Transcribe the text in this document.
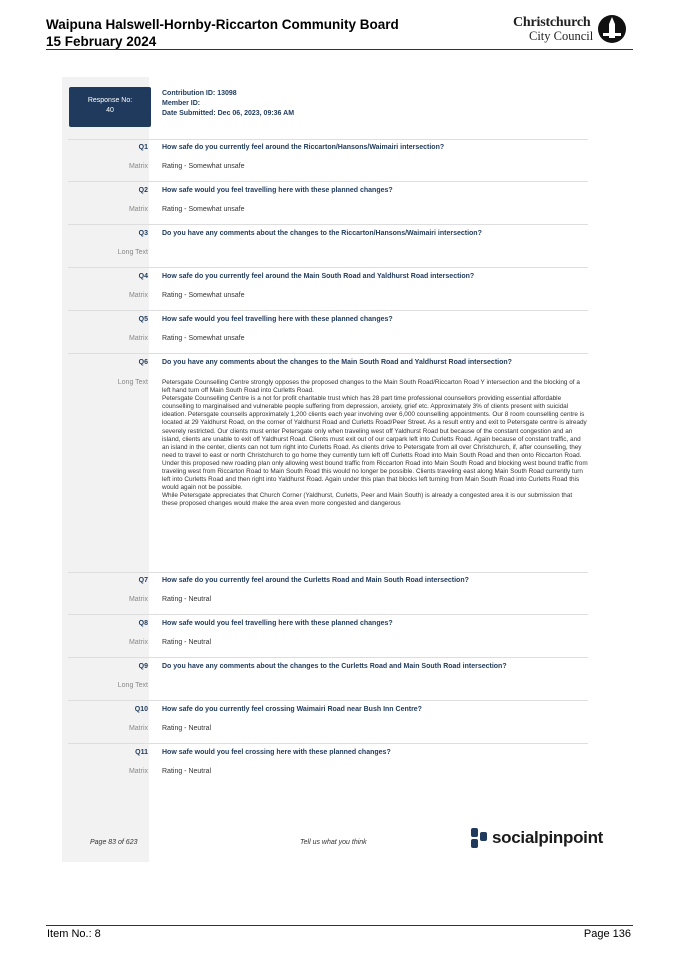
Waipuna Halswell-Hornby-Riccarton Community Board
15 February 2024
Christchurch
City Council
Response No:
40
Contribution ID: 13098
Member ID:
Date Submitted: Dec 06, 2023, 09:36 AM
Q1 How safe do you currently feel around the Riccarton/Hansons/Waimairi intersection?
Matrix Rating - Somewhat unsafe
Q2 How safe would you feel travelling here with these planned changes?
Matrix Rating - Somewhat unsafe
Q3 Do you have any comments about the changes to the Riccarton/Hansons/Waimairi intersection?
Long Text
Q4 How safe do you currently feel around the Main South Road and Yaldhurst Road intersection?
Matrix Rating - Somewhat unsafe
Q5 How safe would you feel travelling here with these planned changes?
Matrix Rating - Somewhat unsafe
Q6 Do you have any comments about the changes to the Main South Road and Yaldhurst Road intersection?
Long Text Petersgate Counselling Centre strongly opposes the proposed changes to the Main South Road/Riccarton Road Y intersection and the blocking of a left hand turn off Main South Road into Curletts Road.

Petersgate Counselling Centre is a not for profit charitable trust which has 28 part time professional counsellors providing essential affordable counselling to marginalised and vulnerable people suffering from depression, anxiety, grief etc. Approximately 3% of clients present with suicidal ideation. Petersgate counsells approximately 1,200 clients each year involving over 6,000 counselling appointments. Our 8 room counselling centre is located at 29 Yaldhurst Road, on the corner of Yaldhurst Road and Curletts Road/Peer Street. As a result entry and exit to Petersgate centre is already severely restricted. Our clients must enter Petersgate only when traveling west off Yaldhurst Road but because of the constant congestion and an island, clients are unable to exit off Yaldhurst Road. Clients must exit out of our carpark left into Curletts Road. Again because of constant traffic, and an island in the center, clients can not turn right into Curletts Road. As clients drive to Petersgate from all over Christchurch, if, after counselling, they need to travel to east or north Christchurch to go home they currently turn left off Curletts Road into Main South Road and then onto Riccarton Road. Under this proposed new roading plan only allowing west bound traffic from Riccarton Road into Main South Road and blocking west bound traffic from traveling west from Riccarton Road to Main South Road this would no longer be possible. Clients traveling east along Main South Road currently turn left into Curletts Road and then right into Yaldhurst Road. Again under this plan that blocks left turning from Main South Road into Curletts Road this would again not be possible.

While Petersgate appreciates that Church Corner (Yaldhurst, Curletts, Peer and Main South) is already a congested area it is our submission that these proposed changes would make the area even more congested and dangerous

Q7 How safe do you currently feel around the Curletts Road and Main South Road intersection?
Matrix Rating - Neutral
Q8 How safe would you feel travelling here with these planned changes?
Matrix Rating - Neutral
Q9 Do you have any comments about the changes to the Curletts Road and Main South Road intersection?
Long Text
Q10 How safe do you currently feel crossing Waimairi Road near Bush Inn Centre?
Matrix Rating - Neutral
Q11 How safe would you feel crossing here with these planned changes?
Matrix Rating - Neutral
Page 83 of 623	Tell us what you think	socialpinpoint
Item No.: 8	Page 136
